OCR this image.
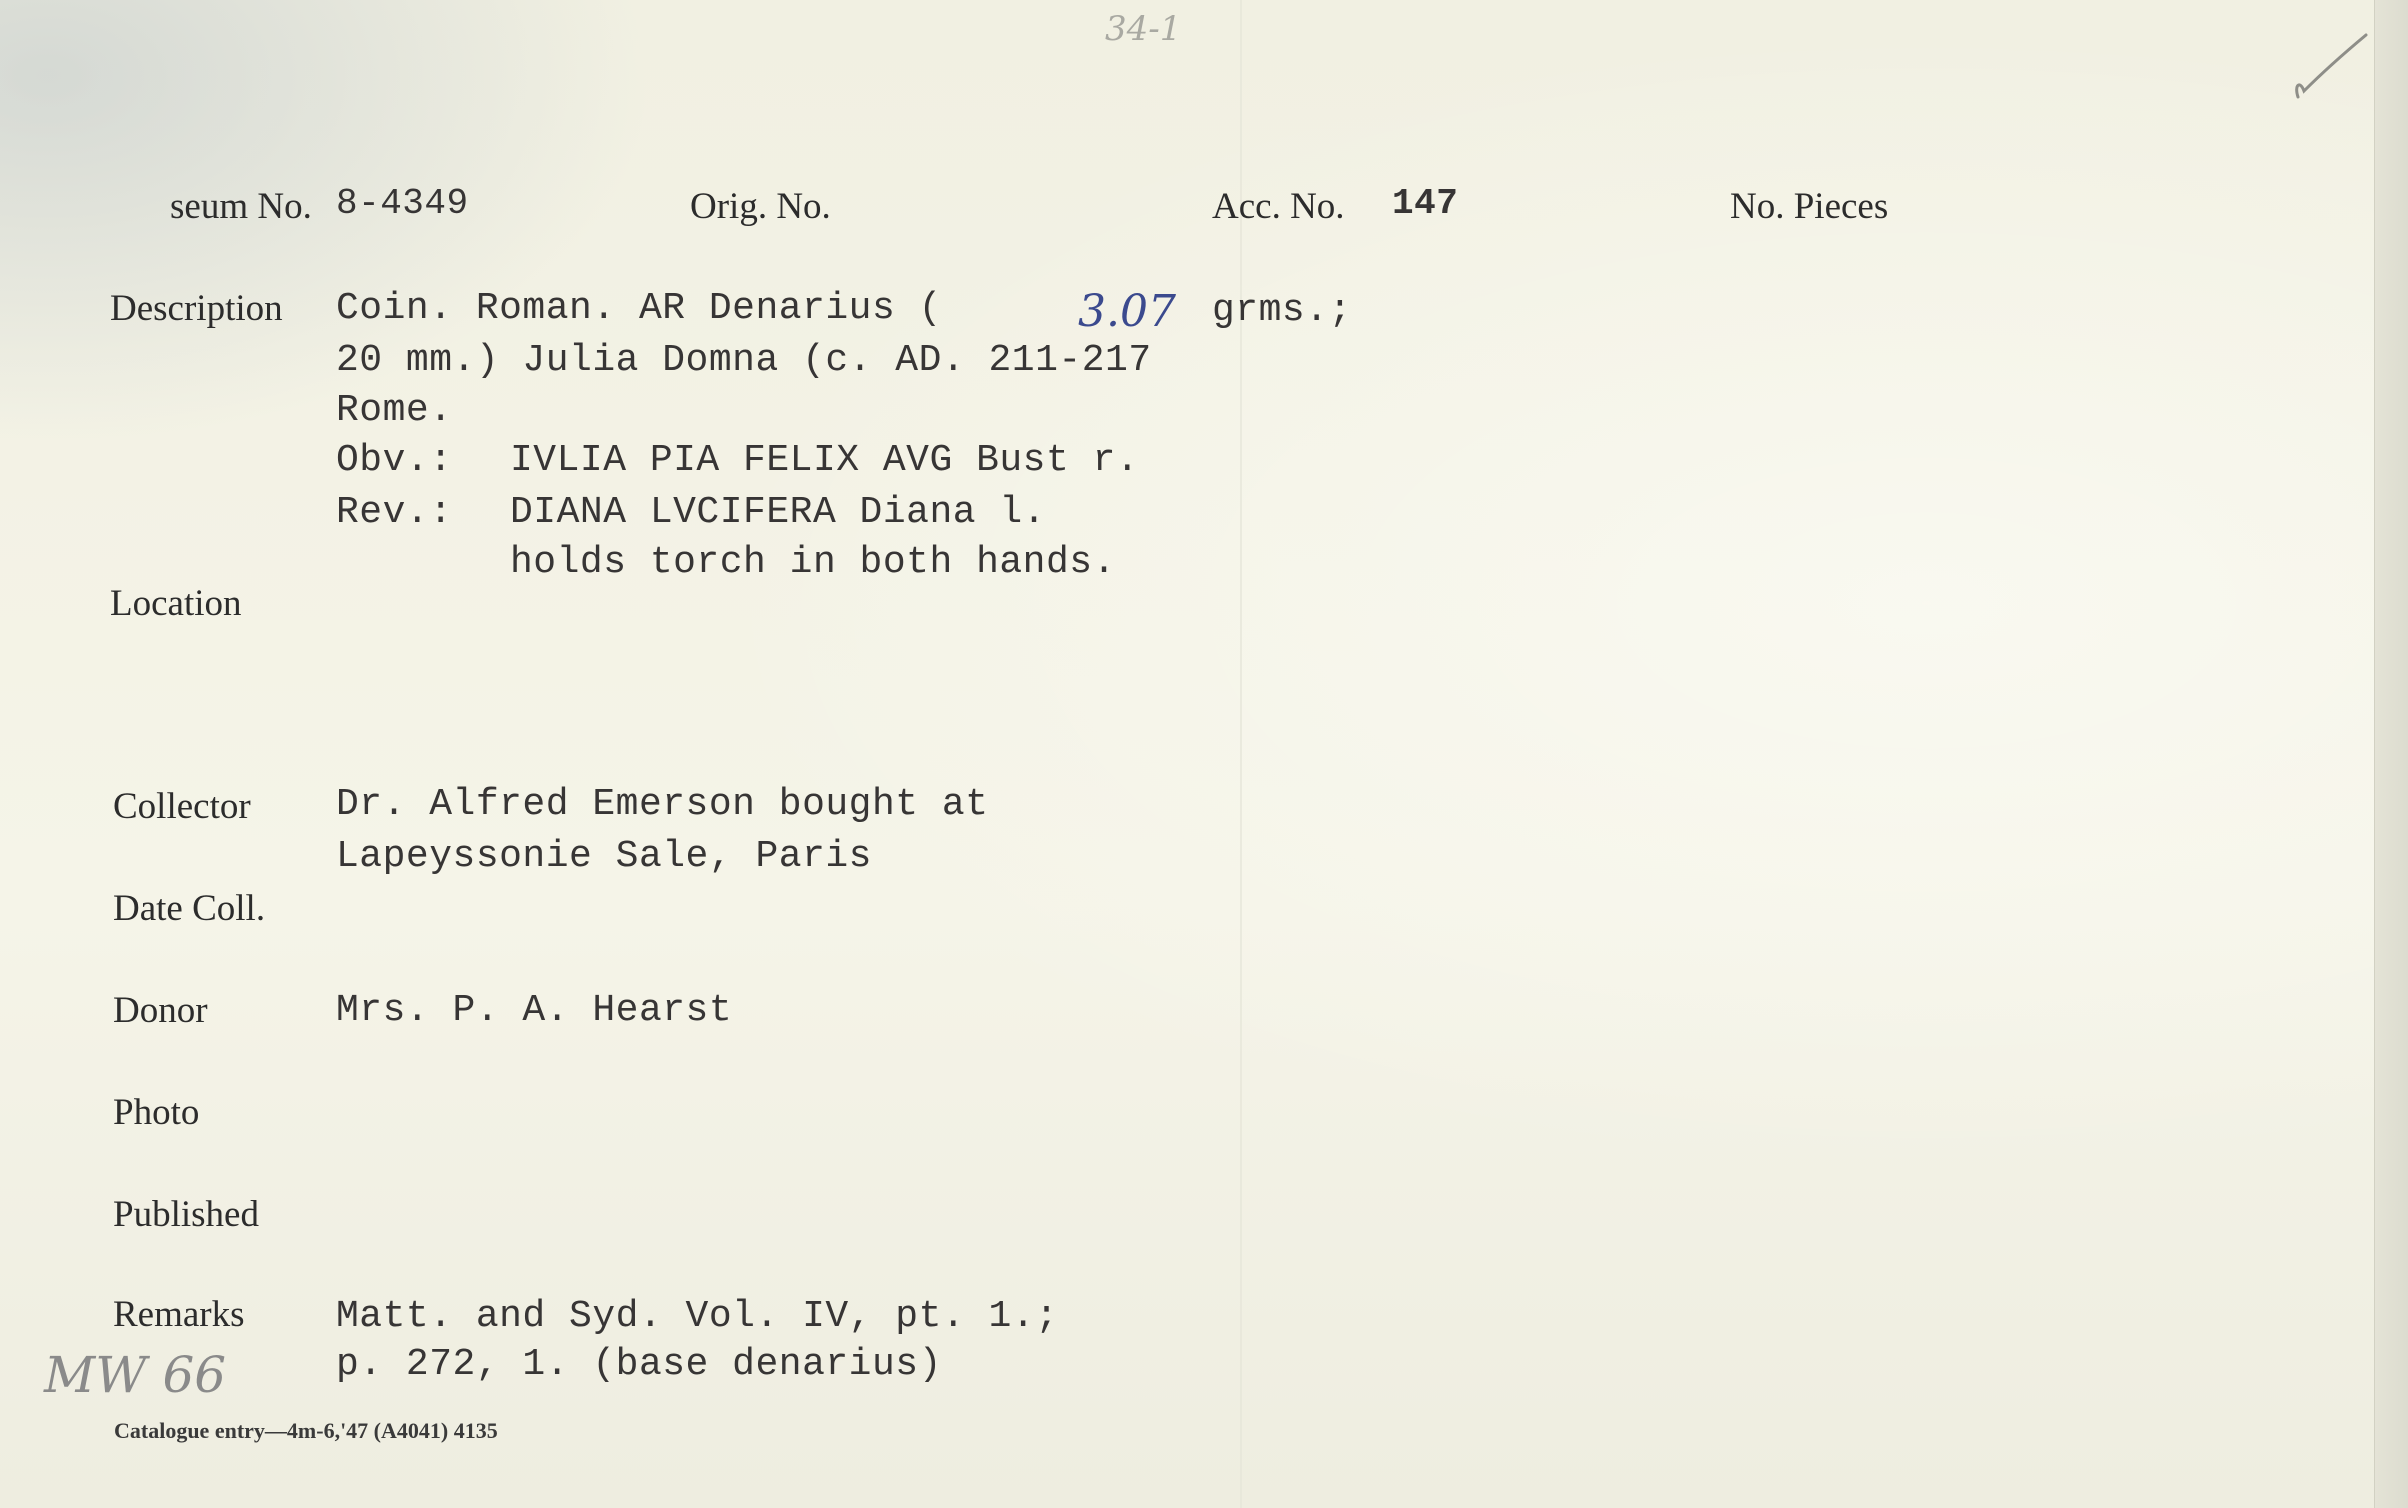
34-1
seum No. 8-4349	Orig. No.	Acc. No. 147	No. Pieces
Description Coin. Roman. AR Denarius (	3.07 grms.;
20 mm.) Julia Domna (c. AD. 211-217
Rome.
Obv.: IVLIA PIA FELIX AVG Bust r.
Rev.: DIANA LVCIFERA Diana l.
holds torch in both hands.
Location
Collector Dr. Alfred Emerson bought at
Lapeyssonie Sale, Paris
Date Coll.
Donor	Mrs. P. A. Hearst
Photo
Published
Remarks Matt. and Syd. Vol. IV, pt. 1.;
p. 272, 1. (base denarius)
MW 66
Catalogue entry—4m-6,'47 (A4041) 4135
